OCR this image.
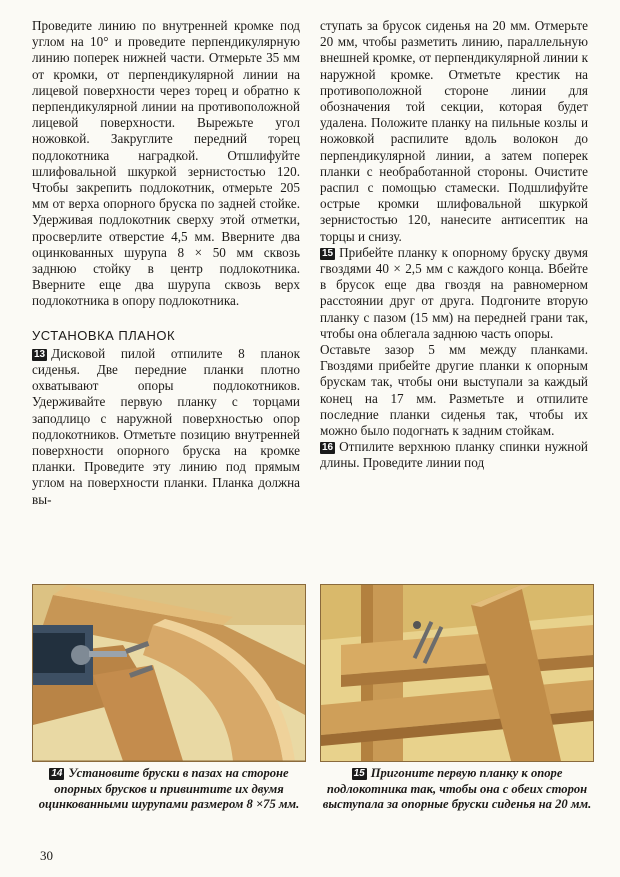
Проведите линию по внутренней кромке под углом на 10° и проведите перпендикулярную линию поперек нижней части. Отмерьте 35 мм от кромки, от перпендикулярной линии на лицевой поверхности через торец и обратно к перпендикулярной линии на противоположной лицевой поверхности. Вырежьте угол ножовкой. Закруглите передний торец подлокотника наградкой. Отшлифуйте шлифовальной шкуркой зернистостью 120. Чтобы закрепить подлокотник, отмерьте 205 мм от верха опорного бруска по задней стойке. Удерживая подлокотник сверху этой отметки, просверлите отверстие 4,5 мм. Вверните два оцинкованных шурупа 8 × 50 мм сквозь заднюю стойку в центр подлокотника. Вверните еще два шурупа сквозь верх подлокотника в опору подлокотника.

УСТАНОВКА ПЛАНОК

13 Дисковой пилой отпилите 8 планок сиденья. Две передние планки плотно охватывают опоры подлокотников. Удерживайте первую планку с торцами заподлицо с наружной поверхностью опор подлокотников. Отметьте позицию внутренней поверхности опорного бруска на кромке планки. Проведите эту линию под прямым углом на поверхности планки. Планка должна вы-

ступать за брусок сиденья на 20 мм. Отмерьте 20 мм, чтобы разметить линию, параллельную внешней кромке, от перпендикулярной линии к наружной кромке. Отметьте крестик на противоположной стороне линии для обозначения той секции, которая будет удалена. Положите планку на пильные козлы и ножовкой распилите вдоль волокон до перпендикулярной линии, а затем поперек планки с необработанной стороны. Очистите распил с помощью стамески. Подшлифуйте острые кромки шлифовальной шкуркой зернистостью 120, нанесите антисептик на торцы и снизу.

15 Прибейте планку к опорному бруску двумя гвоздями 40 × 2,5 мм с каждого конца. Вбейте в брусок еще два гвоздя на равномерном расстоянии друг от друга. Подгоните вторую планку с пазом (15 мм) на передней грани так, чтобы она облегала заднюю часть опоры.

Оставьте зазор 5 мм между планками. Гвоздями прибейте другие планки к опорным брускам так, чтобы они выступали за каждый конец на 17 мм. Разметьте и отпилите последние планки сиденья так, чтобы их можно было подогнать к задним стойкам.

16 Отпилите верхнюю планку спинки нужной длины. Проведите линии под

14 Установите бруски в пазах на стороне опорных брусков и привинтите их двумя оцинкованными шурупами размером 8 ×75 мм.
15 Пригоните первую планку к опоре подлокотника так, чтобы она с обеих сторон выступала за опорные бруски сиденья на 20 мм.
30
